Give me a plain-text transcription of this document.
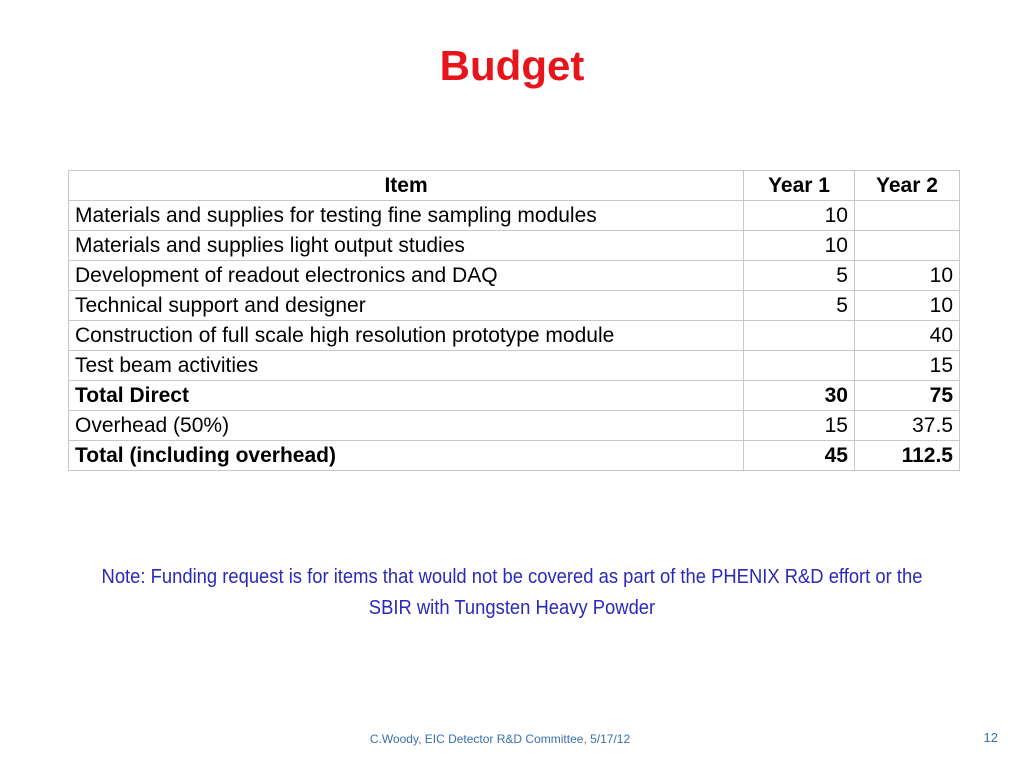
Budget
Item	Year 1	Year 2
Materials and supplies for testing fine sampling modules	10	
Materials and supplies light output studies	10	
Development of readout electronics and DAQ	5	10
Technical support and designer	5	10
Construction of full scale high resolution prototype module		40
Test beam activities		15
Total Direct	30	75
Overhead (50%)	15	37.5
Total (including overhead)	45	112.5
Note: Funding request is for items that would not be covered as part of the PHENIX R&D effort or the SBIR with Tungsten Heavy Powder
C.Woody, EIC Detector R&D Committee, 5/17/12	12
